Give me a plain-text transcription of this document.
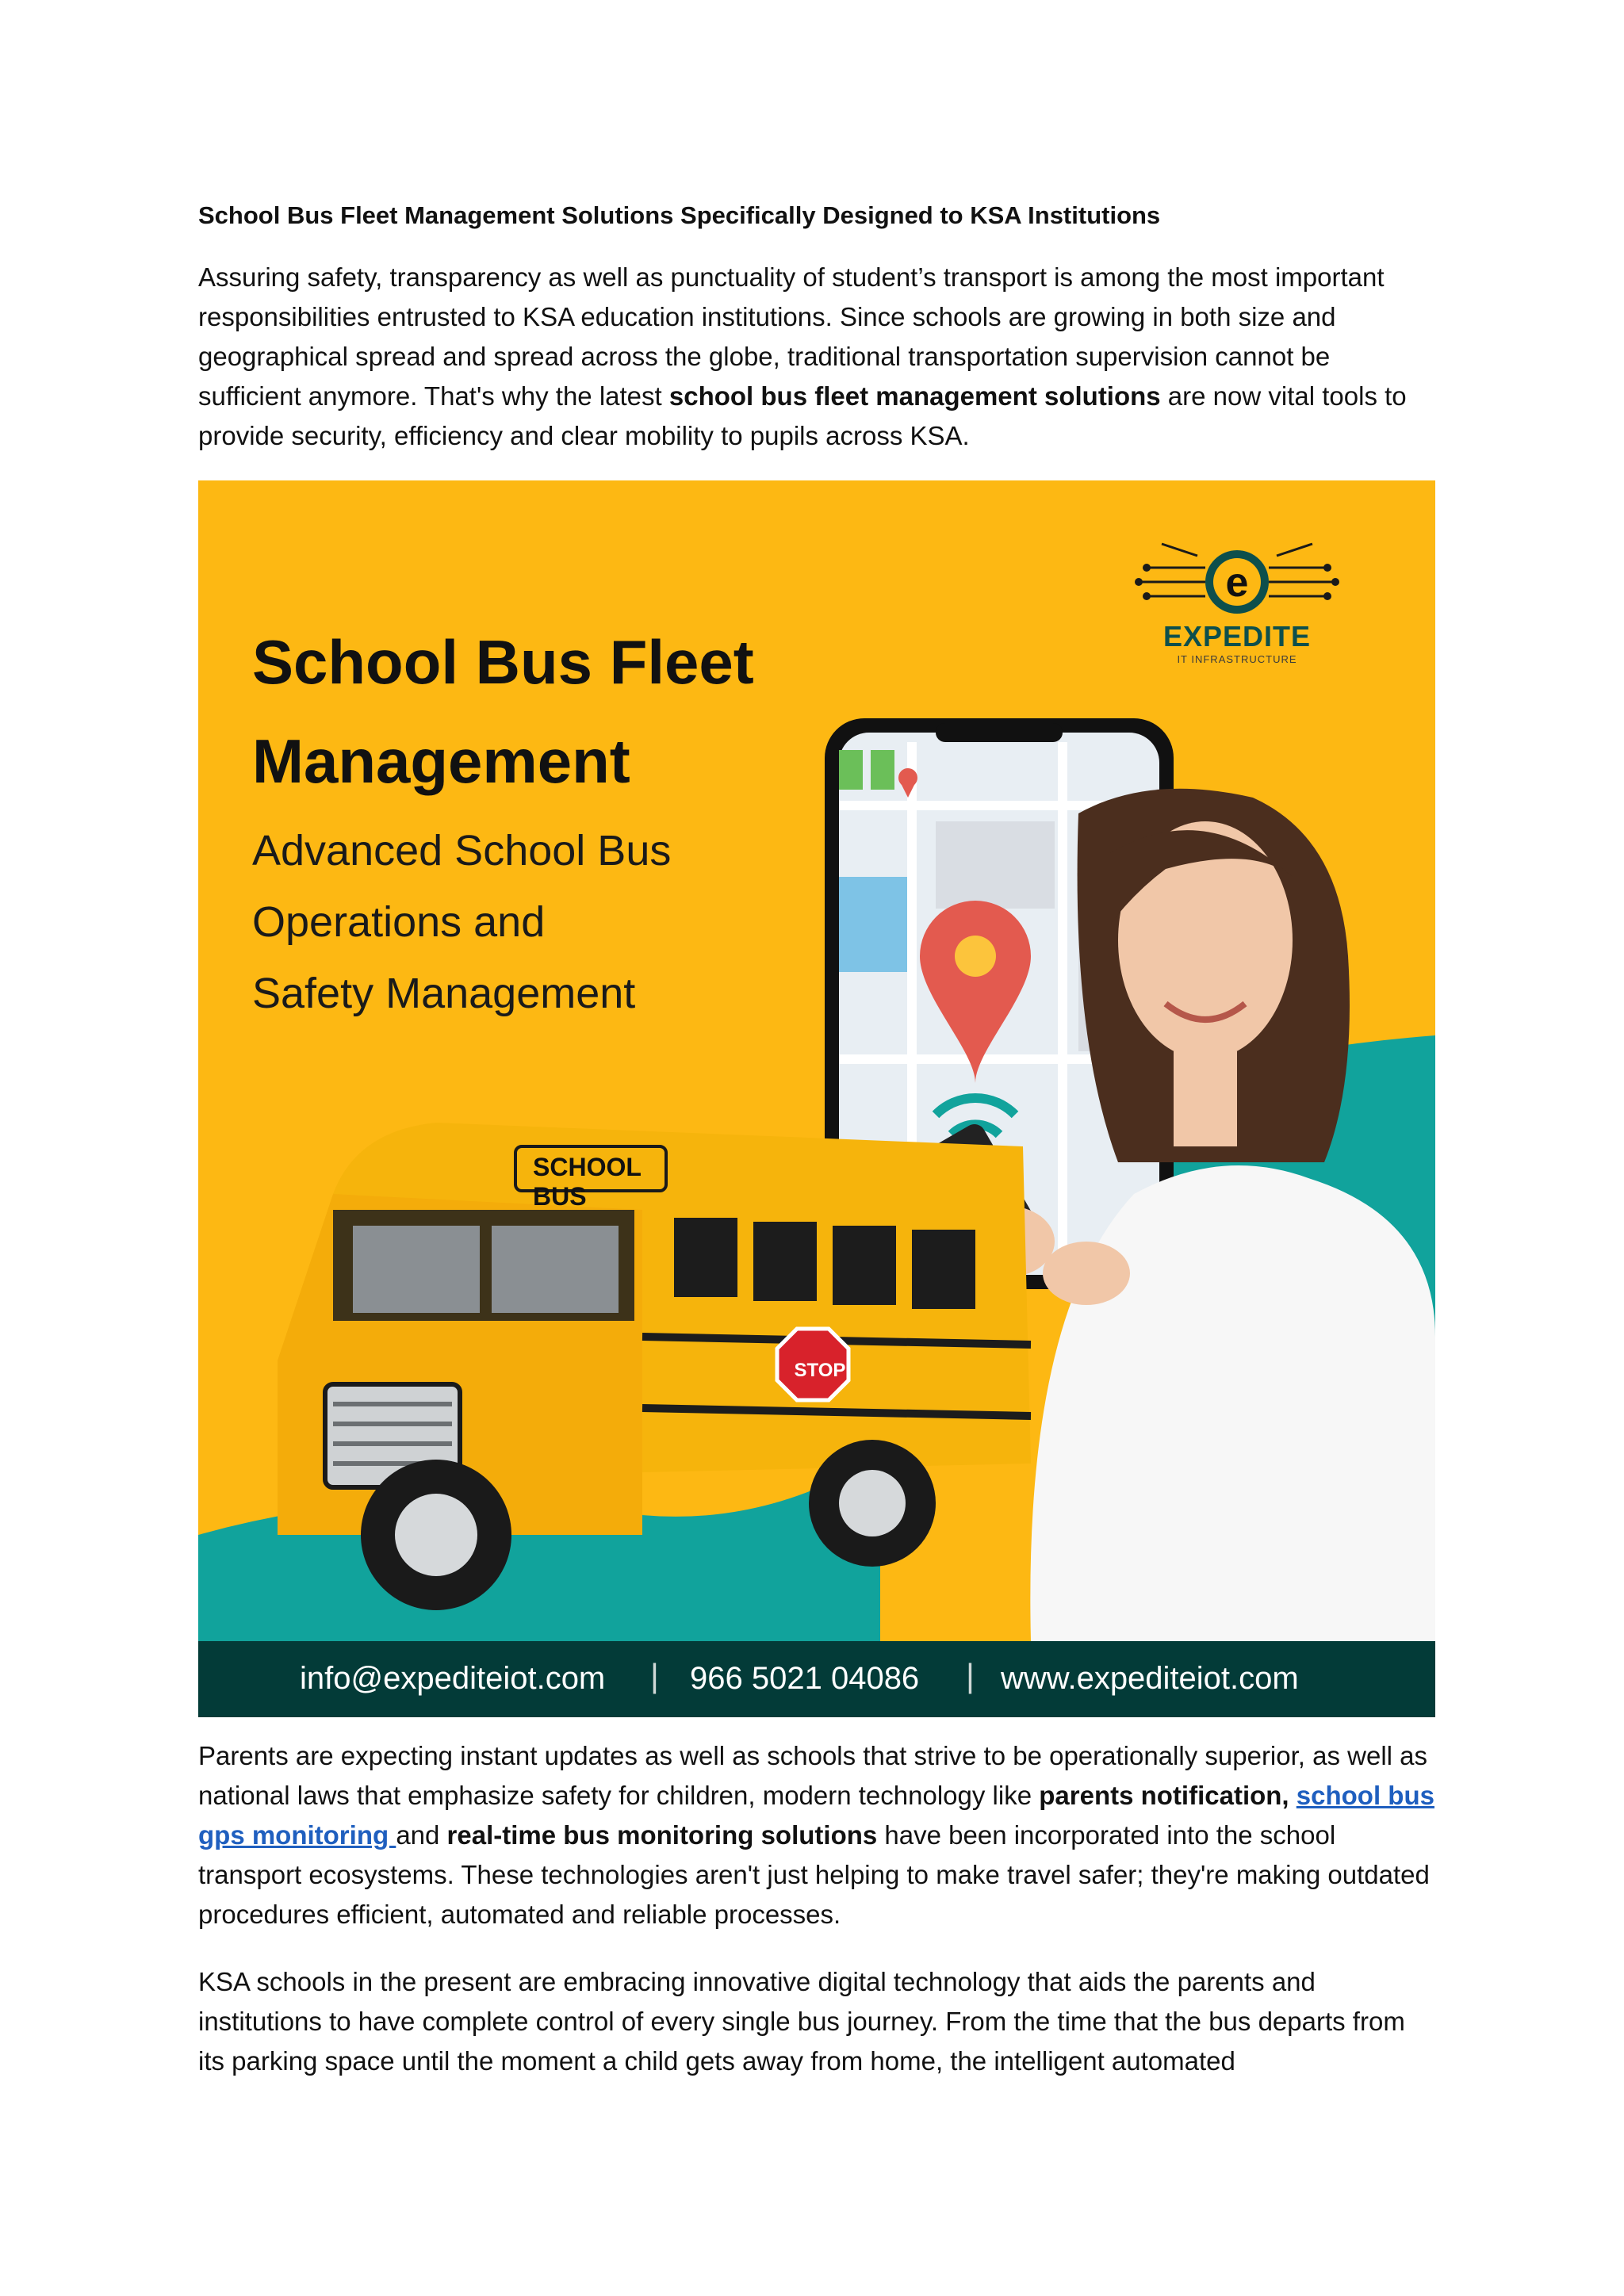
School Bus Fleet Management Solutions Specifically Designed to KSA Institutions

Assuring safety, transparency as well as punctuality of student’s transport is among the most important responsibilities entrusted to KSA education institutions. Since schools are growing in both size and geographical spread and spread across the globe, traditional transportation supervision cannot be sufficient anymore. That's why the latest school bus fleet management solutions are now vital tools to provide security, efficiency and clear mobility to pupils across KSA.

e
School Bus Fleet
Management
Advanced School Bus
Operations and
Safety Management
EXPEDITE
IT INFRASTRUCTURE
SCHOOL BUS
STOP
info@expediteiot.com | 966 5021 04086 | www.expediteiot.com

Parents are expecting instant updates as well as schools that strive to be operationally superior, as well as national laws that emphasize safety for children, modern technology like parents notification, school bus gps monitoring and real-time bus monitoring solutions have been incorporated into the school transport ecosystems. These technologies aren't just helping to make travel safer; they're making outdated procedures efficient, automated and reliable processes.

KSA schools in the present are embracing innovative digital technology that aids the parents and institutions to have complete control of every single bus journey. From the time that the bus departs from its parking space until the moment a child gets away from home, the intelligent automated
